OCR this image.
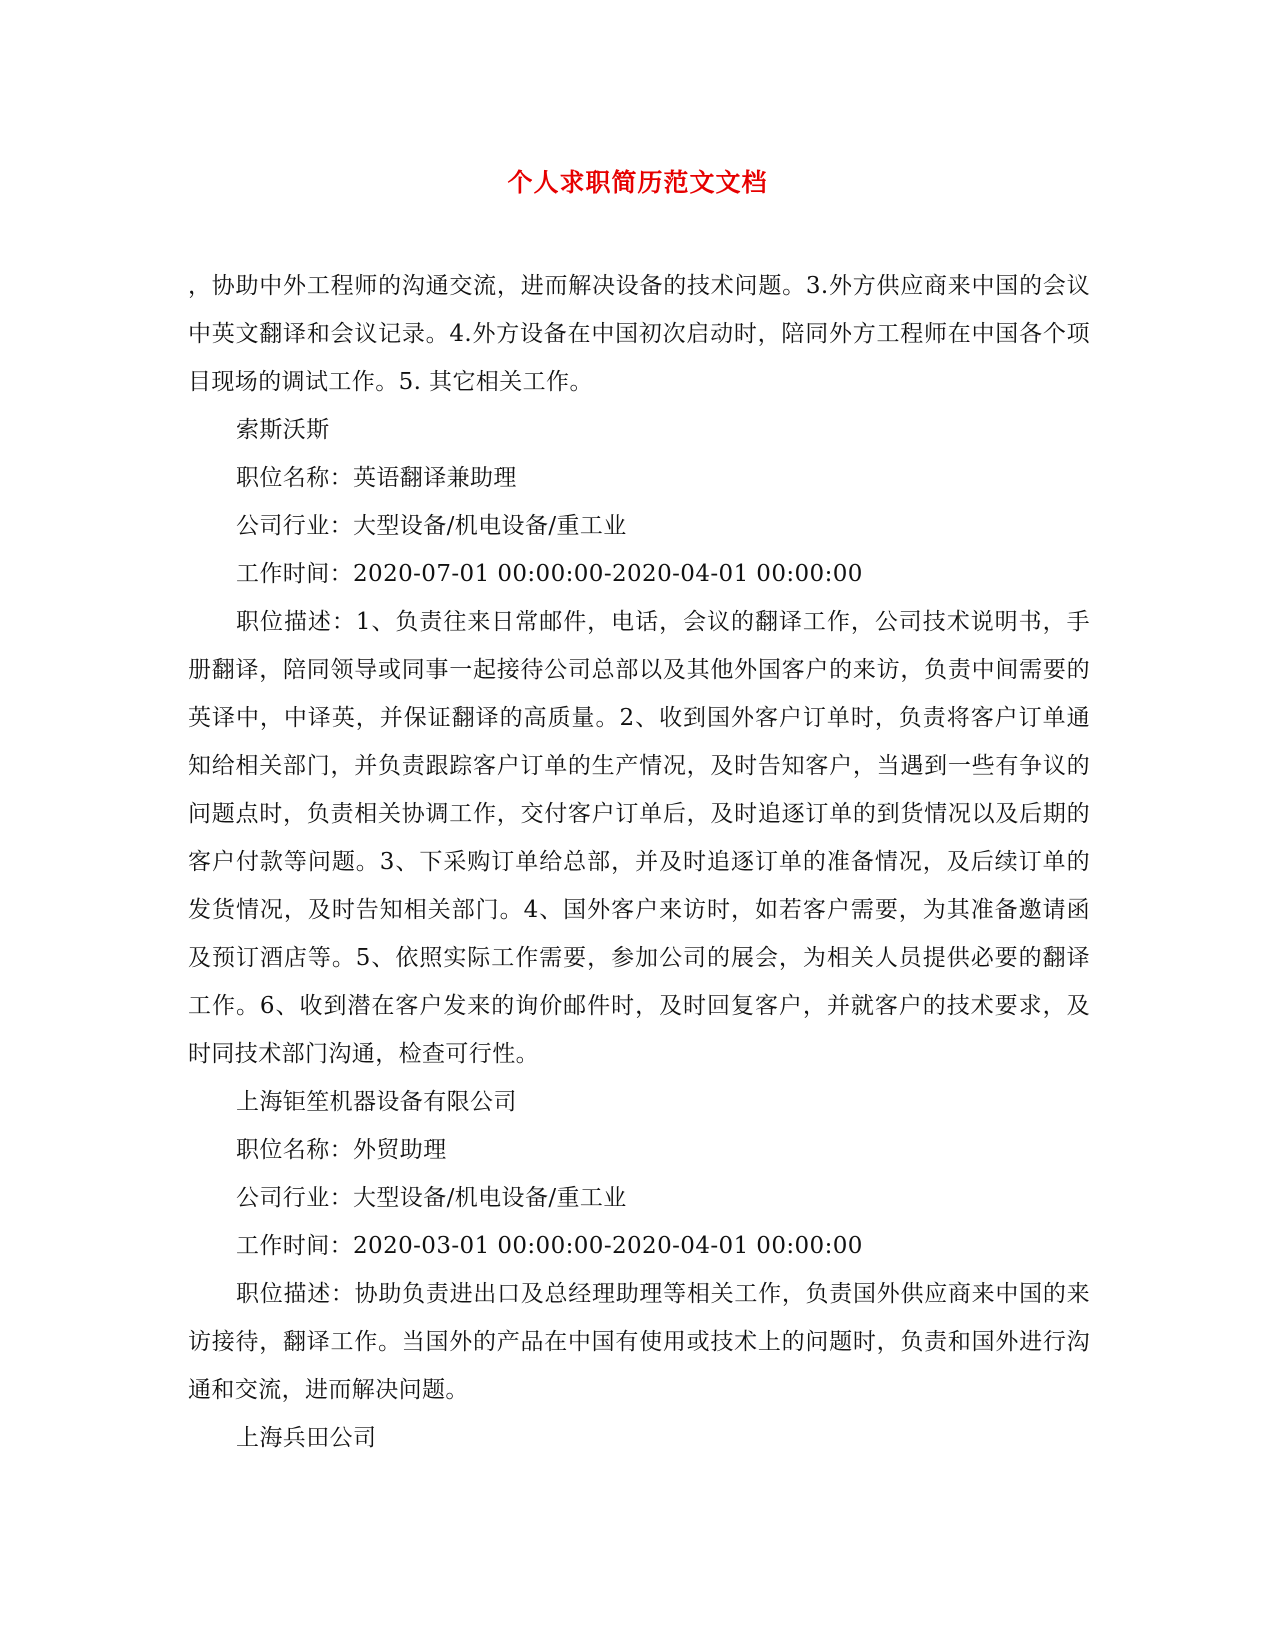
个人求职简历范文文档

，协助中外工程师的沟通交流，进而解决设备的技术问题。3.外方供应商来中国的会议中英文翻译和会议记录。4.外方设备在中国初次启动时，陪同外方工程师在中国各个项目现场的调试工作。5. 其它相关工作。

索斯沃斯

职位名称：英语翻译兼助理

公司行业：大型设备/机电设备/重工业

工作时间：2020-07-01 00:00:00-2020-04-01 00:00:00

职位描述：1、负责往来日常邮件，电话，会议的翻译工作，公司技术说明书，手册翻译，陪同领导或同事一起接待公司总部以及其他外国客户的来访，负责中间需要的英译中，中译英，并保证翻译的高质量。2、收到国外客户订单时，负责将客户订单通知给相关部门，并负责跟踪客户订单的生产情况，及时告知客户，当遇到一些有争议的问题点时，负责相关协调工作，交付客户订单后，及时追逐订单的到货情况以及后期的客户付款等问题。3、下采购订单给总部，并及时追逐订单的准备情况，及后续订单的发货情况，及时告知相关部门。4、国外客户来访时，如若客户需要，为其准备邀请函及预订酒店等。5、依照实际工作需要，参加公司的展会，为相关人员提供必要的翻译工作。6、收到潜在客户发来的询价邮件时，及时回复客户，并就客户的技术要求，及时同技术部门沟通，检查可行性。

上海钜笙机器设备有限公司

职位名称：外贸助理

公司行业：大型设备/机电设备/重工业

工作时间：2020-03-01 00:00:00-2020-04-01 00:00:00

职位描述：协助负责进出口及总经理助理等相关工作，负责国外供应商来中国的来访接待，翻译工作。当国外的产品在中国有使用或技术上的问题时，负责和国外进行沟通和交流，进而解决问题。

上海兵田公司
